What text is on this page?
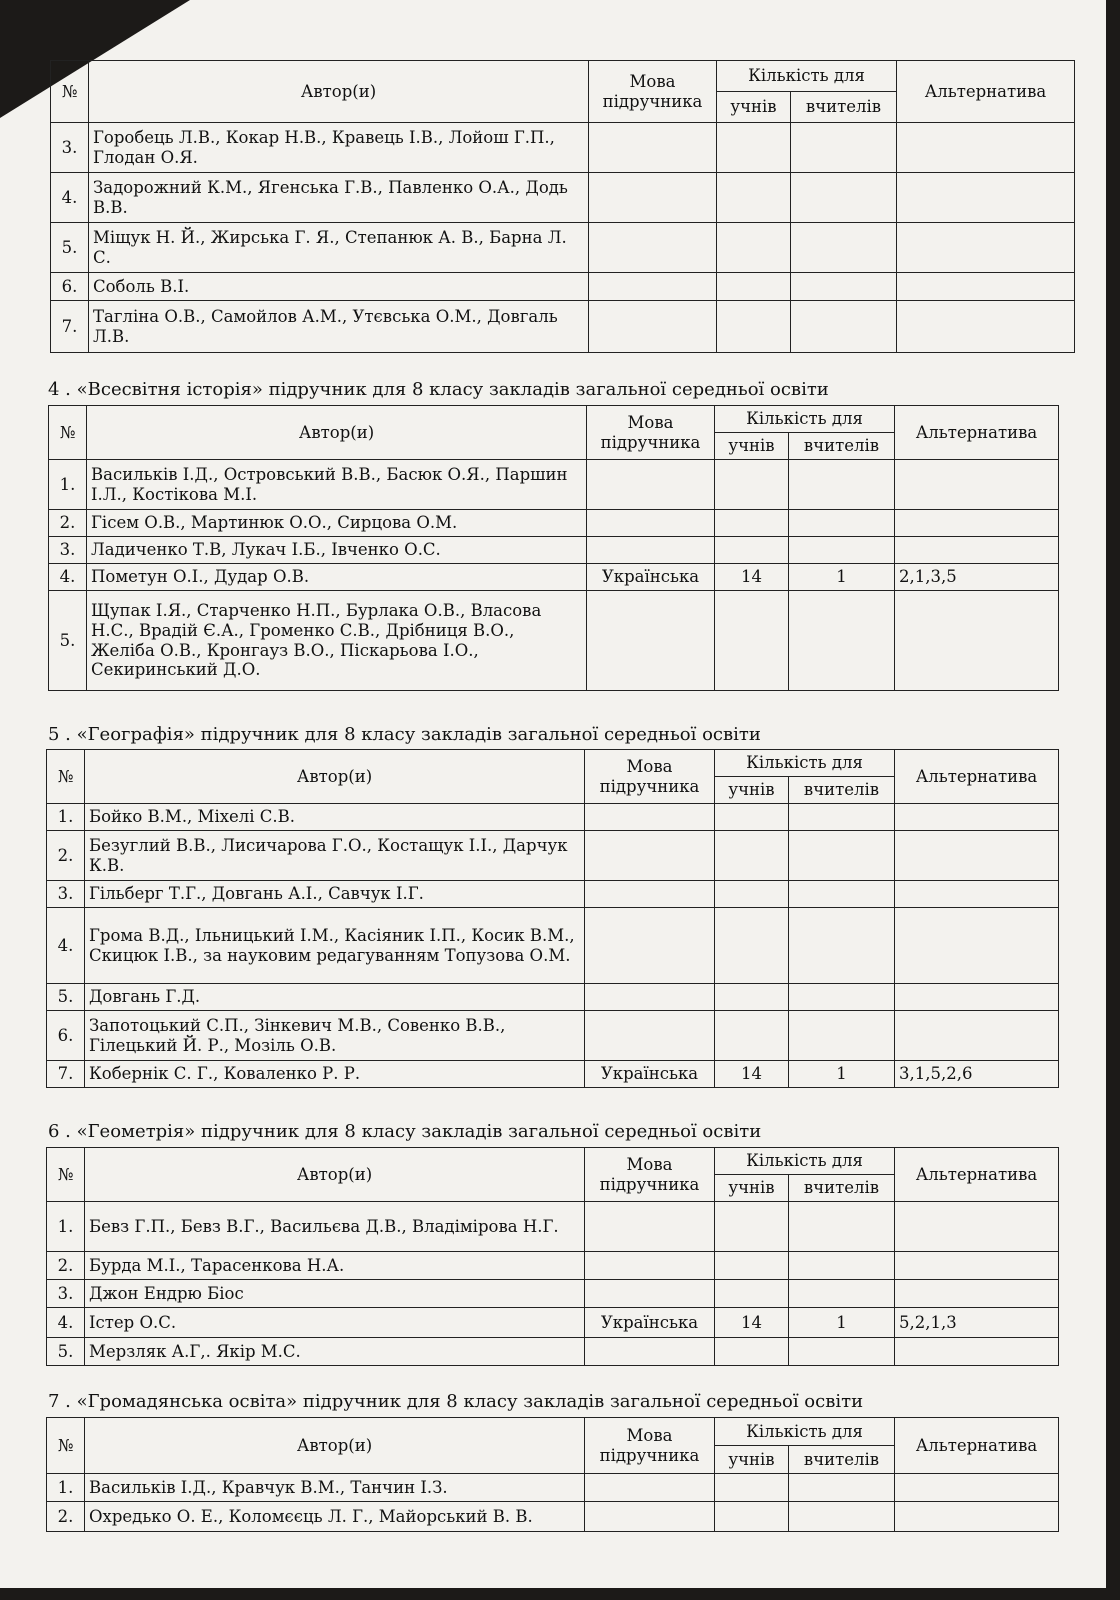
№	Автор(и)	Мова підручника	Кількість для		Альтернатива
			учнів	вчителів	
3.	Горобець Л.В., Кокар Н.В., Кравець І.В., Лойош Г.П., Глодан О.Я.				
4.	Задорожний К.М., Ягенська Г.В., Павленко О.А., Додь В.В.				
5.	Міщук Н. Й., Жирська Г. Я., Степанюк А. В., Барна Л. С.				
6.	Соболь В.І.				
7.	Тагліна О.В., Самойлов А.М., Утєвська О.М., Довгаль Л.В.				
4 . «Всесвітня історія» підручник для 8 класу закладів загальної середньої освіти
№	Автор(и)	Мова підручника	Кількість для		Альтернатива
			учнів	вчителів	
1.	Васильків І.Д., Островський В.В., Басюк О.Я., Паршин І.Л., Костікова М.І.				
2.	Гісем О.В., Мартинюк О.О., Сирцова О.М.				
3.	Ладиченко Т.В, Лукач І.Б., Івченко О.С.				
4.	Пометун О.І., Дудар О.В.	Українська	14	1	2,1,3,5
5.	Щупак І.Я., Старченко Н.П., Бурлака О.В., Власова Н.С., Врадій Є.А., Громенко С.В., Дрібниця В.О., Желіба О.В., Кронгауз В.О., Піскарьова І.О., Секиринський Д.О.				
5 . «Географія» підручник для 8 класу закладів загальної середньої освіти
№	Автор(и)	Мова підручника	Кількість для		Альтернатива
			учнів	вчителів	
1.	Бойко В.М., Міхелі С.В.				
2.	Безуглий В.В., Лисичарова Г.О., Костащук І.І., Дарчук К.В.				
3.	Гільберг Т.Г., Довгань А.І., Савчук І.Г.				
4.	Грома В.Д., Ільницький І.М., Касіяник І.П., Косик В.М., Скицюк І.В., за науковим редагуванням Топузова О.М.				
5.	Довгань Г.Д.				
6.	Запотоцький С.П., Зінкевич М.В., Совенко В.В., Гілецький Й. Р., Мозіль О.В.				
7.	Кобернік С. Г., Коваленко Р. Р.	Українська	14	1	3,1,5,2,6
6 . «Геометрія» підручник для 8 класу закладів загальної середньої освіти
№	Автор(и)	Мова підручника	Кількість для		Альтернатива
			учнів	вчителів	
1.	Бевз Г.П., Бевз В.Г., Васильєва Д.В., Владімірова Н.Г.				
2.	Бурда М.І., Тарасенкова Н.А.				
3.	Джон Ендрю Біос				
4.	Істер О.С.	Українська	14	1	5,2,1,3
5.	Мерзляк А.Г,. Якір М.С.				
7 . «Громадянська освіта» підручник для 8 класу закладів загальної середньої освіти
№	Автор(и)	Мова підручника	Кількість для		Альтернатива
			учнів	вчителів	
1.	Васильків І.Д., Кравчук В.М., Танчин І.З.				
2.	Охредько О. Е., Коломєєць Л. Г., Майорський В. В.				
